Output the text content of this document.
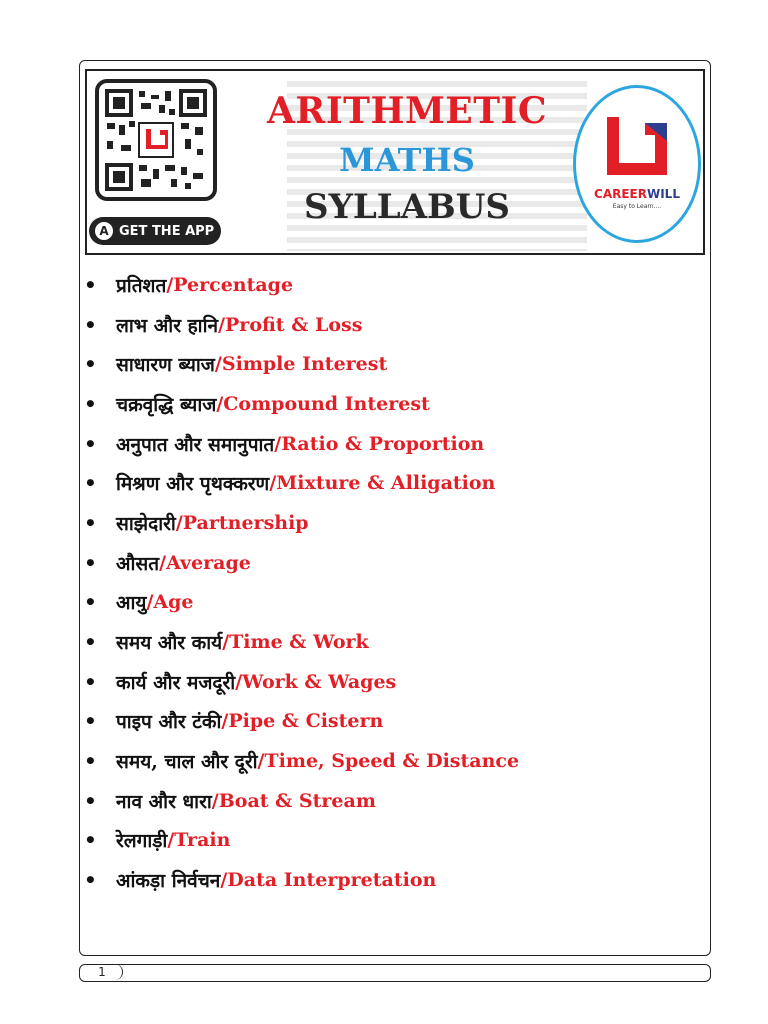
A GET THE APP
ARITHMETIC
MATHS
SYLLABUS	CAREERWILL
Easy to Learn....
•	प्रतिशत /Percentage
•	लाभ और हानि /Profit & Loss
•	साधारण ब्याज /Simple Interest
•	चक्रवृद्धि ब्याज /Compound Interest
•	अनुपात और समानुपात /Ratio & Proportion
•	मिश्रण और पृथक्करण /Mixture & Alligation
•	साझेदारी /Partnership
•	औसत /Average
•	आयु /Age
•	समय और कार्य /Time & Work
•	कार्य और मजदूरी /Work & Wages
•	पाइप और टंकी /Pipe & Cistern
•	समय, चाल और दूरी /Time, Speed & Distance
•	नाव और धारा /Boat & Stream
•	रेलगाड़ी /Train
•	आंकड़ा निर्वचन /Data Interpretation
1
